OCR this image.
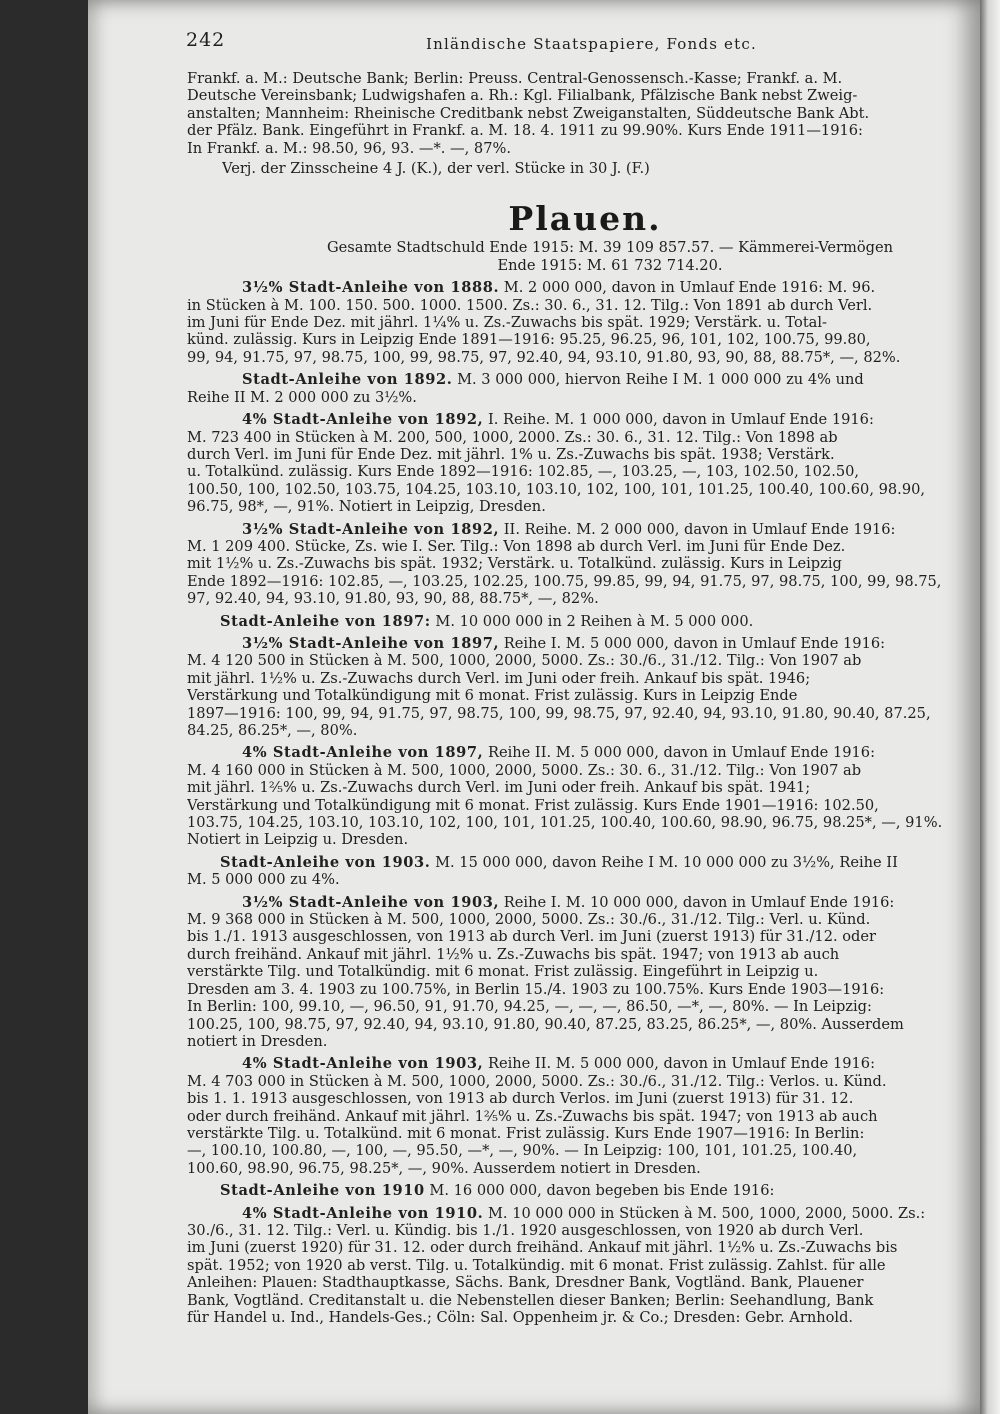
242	Inländische Staatspapiere, Fonds etc.
Frankf. a. M.: Deutsche Bank; Berlin: Preuss. Central-Genossensch.-Kasse; Frankf. a. M.
Deutsche Vereinsbank; Ludwigshafen a. Rh.: Kgl. Filialbank, Pfälzische Bank nebst Zweig-
anstalten; Mannheim: Rheinische Creditbank nebst Zweiganstalten, Süddeutsche Bank Abt.
der Pfälz. Bank. Eingeführt in Frankf. a. M. 18. 4. 1911 zu 99.90%. Kurs Ende 1911—1916:
In Frankf. a. M.: 98.50, 96, 93. —*. —, 87%.
Verj. der Zinsscheine 4 J. (K.), der verl. Stücke in 30 J. (F.)
Plauen.
Gesamte Stadtschuld Ende 1915: M. 39 109 857.57. — Kämmerei-Vermögen
Ende 1915: M. 61 732 714.20.
3½% Stadt-Anleihe von 1888. M. 2 000 000, davon in Umlauf Ende 1916: M. 96.
in Stücken à M. 100. 150. 500. 1000. 1500. Zs.: 30. 6., 31. 12. Tilg.: Von 1891 ab durch Verl.
im Juni für Ende Dez. mit jährl. 1¼% u. Zs.-Zuwachs bis spät. 1929; Verstärk. u. Total-
künd. zulässig. Kurs in Leipzig Ende 1891—1916: 95.25, 96.25, 96, 101, 102, 100.75, 99.80,
99, 94, 91.75, 97, 98.75, 100, 99, 98.75, 97, 92.40, 94, 93.10, 91.80, 93, 90, 88, 88.75*, —, 82%.
Stadt-Anleihe von 1892. M. 3 000 000, hiervon Reihe I M. 1 000 000 zu 4% und
Reihe II M. 2 000 000 zu 3½%.
4% Stadt-Anleihe von 1892, I. Reihe. M. 1 000 000, davon in Umlauf Ende 1916:
M. 723 400 in Stücken à M. 200, 500, 1000, 2000. Zs.: 30. 6., 31. 12. Tilg.: Von 1898 ab
durch Verl. im Juni für Ende Dez. mit jährl. 1% u. Zs.-Zuwachs bis spät. 1938; Verstärk.
u. Totalkünd. zulässig. Kurs Ende 1892—1916: 102.85, —, 103.25, —, 103, 102.50, 102.50,
100.50, 100, 102.50, 103.75, 104.25, 103.10, 103.10, 102, 100, 101, 101.25, 100.40, 100.60, 98.90,
96.75, 98*, —, 91%. Notiert in Leipzig, Dresden.
3½% Stadt-Anleihe von 1892, II. Reihe. M. 2 000 000, davon in Umlauf Ende 1916:
M. 1 209 400. Stücke, Zs. wie I. Ser. Tilg.: Von 1898 ab durch Verl. im Juni für Ende Dez.
mit 1½% u. Zs.-Zuwachs bis spät. 1932; Verstärk. u. Totalkünd. zulässig. Kurs in Leipzig
Ende 1892—1916: 102.85, —, 103.25, 102.25, 100.75, 99.85, 99, 94, 91.75, 97, 98.75, 100, 99, 98.75,
97, 92.40, 94, 93.10, 91.80, 93, 90, 88, 88.75*, —, 82%.
Stadt-Anleihe von 1897: M. 10 000 000 in 2 Reihen à M. 5 000 000.
3½% Stadt-Anleihe von 1897, Reihe I. M. 5 000 000, davon in Umlauf Ende 1916:
M. 4 120 500 in Stücken à M. 500, 1000, 2000, 5000. Zs.: 30./6., 31./12. Tilg.: Von 1907 ab
mit jährl. 1½% u. Zs.-Zuwachs durch Verl. im Juni oder freih. Ankauf bis spät. 1946;
Verstärkung und Totalkündigung mit 6 monat. Frist zulässig. Kurs in Leipzig Ende
1897—1916: 100, 99, 94, 91.75, 97, 98.75, 100, 99, 98.75, 97, 92.40, 94, 93.10, 91.80, 90.40, 87.25,
84.25, 86.25*, —, 80%.
4% Stadt-Anleihe von 1897, Reihe II. M. 5 000 000, davon in Umlauf Ende 1916:
M. 4 160 000 in Stücken à M. 500, 1000, 2000, 5000. Zs.: 30. 6., 31./12. Tilg.: Von 1907 ab
mit jährl. 1²⁄₅% u. Zs.-Zuwachs durch Verl. im Juni oder freih. Ankauf bis spät. 1941;
Verstärkung und Totalkündigung mit 6 monat. Frist zulässig. Kurs Ende 1901—1916: 102.50,
103.75, 104.25, 103.10, 103.10, 102, 100, 101, 101.25, 100.40, 100.60, 98.90, 96.75, 98.25*, —, 91%.
Notiert in Leipzig u. Dresden.
Stadt-Anleihe von 1903. M. 15 000 000, davon Reihe I M. 10 000 000 zu 3½%, Reihe II
M. 5 000 000 zu 4%.
3½% Stadt-Anleihe von 1903, Reihe I. M. 10 000 000, davon in Umlauf Ende 1916:
M. 9 368 000 in Stücken à M. 500, 1000, 2000, 5000. Zs.: 30./6., 31./12. Tilg.: Verl. u. Künd.
bis 1./1. 1913 ausgeschlossen, von 1913 ab durch Verl. im Juni (zuerst 1913) für 31./12. oder
durch freihänd. Ankauf mit jährl. 1½% u. Zs.-Zuwachs bis spät. 1947; von 1913 ab auch
verstärkte Tilg. und Totalkündig. mit 6 monat. Frist zulässig. Eingeführt in Leipzig u.
Dresden am 3. 4. 1903 zu 100.75%, in Berlin 15./4. 1903 zu 100.75%. Kurs Ende 1903—1916:
In Berlin: 100, 99.10, —, 96.50, 91, 91.70, 94.25, —, —, —, 86.50, —*, —, 80%. — In Leipzig:
100.25, 100, 98.75, 97, 92.40, 94, 93.10, 91.80, 90.40, 87.25, 83.25, 86.25*, —, 80%. Ausserdem
notiert in Dresden.
4% Stadt-Anleihe von 1903, Reihe II. M. 5 000 000, davon in Umlauf Ende 1916:
M. 4 703 000 in Stücken à M. 500, 1000, 2000, 5000. Zs.: 30./6., 31./12. Tilg.: Verlos. u. Künd.
bis 1. 1. 1913 ausgeschlossen, von 1913 ab durch Verlos. im Juni (zuerst 1913) für 31. 12.
oder durch freihänd. Ankauf mit jährl. 1²⁄₅% u. Zs.-Zuwachs bis spät. 1947; von 1913 ab auch
verstärkte Tilg. u. Totalkünd. mit 6 monat. Frist zulässig. Kurs Ende 1907—1916: In Berlin:
—, 100.10, 100.80, —, 100, —, 95.50, —*, —, 90%. — In Leipzig: 100, 101, 101.25, 100.40,
100.60, 98.90, 96.75, 98.25*, —, 90%. Ausserdem notiert in Dresden.
Stadt-Anleihe von 1910 M. 16 000 000, davon begeben bis Ende 1916:
4% Stadt-Anleihe von 1910. M. 10 000 000 in Stücken à M. 500, 1000, 2000, 5000. Zs.:
30./6., 31. 12. Tilg.: Verl. u. Kündig. bis 1./1. 1920 ausgeschlossen, von 1920 ab durch Verl.
im Juni (zuerst 1920) für 31. 12. oder durch freihänd. Ankauf mit jährl. 1½% u. Zs.-Zuwachs bis
spät. 1952; von 1920 ab verst. Tilg. u. Totalkündig. mit 6 monat. Frist zulässig. Zahlst. für alle
Anleihen: Plauen: Stadthauptkasse, Sächs. Bank, Dresdner Bank, Vogtländ. Bank, Plauener
Bank, Vogtländ. Creditanstalt u. die Nebenstellen dieser Banken; Berlin: Seehandlung, Bank
für Handel u. Ind., Handels-Ges.; Cöln: Sal. Oppenheim jr. & Co.; Dresden: Gebr. Arnhold.
